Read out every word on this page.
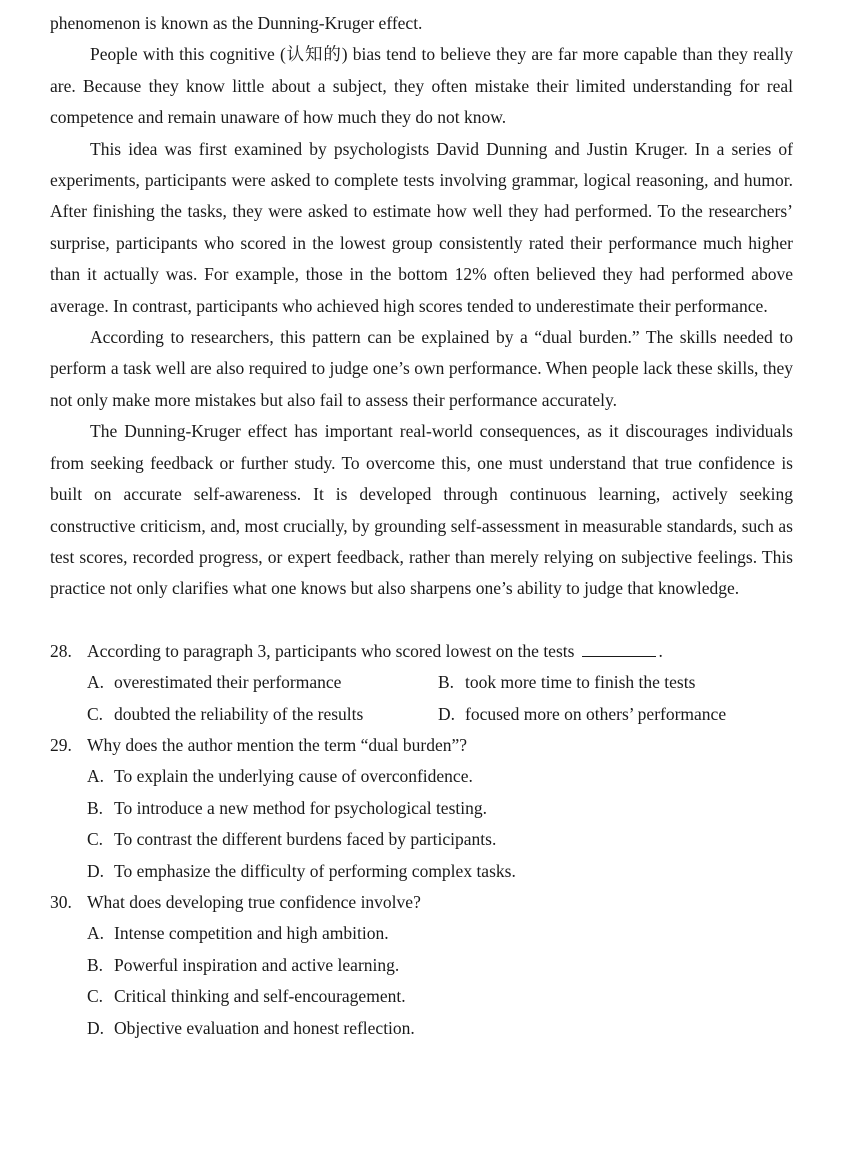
phenomenon is known as the Dunning-Kruger effect.

People with this cognitive (认知的) bias tend to believe they are far more capable than they really are. Because they know little about a subject, they often mistake their limited understanding for real competence and remain unaware of how much they do not know.

This idea was first examined by psychologists David Dunning and Justin Kruger. In a series of experiments, participants were asked to complete tests involving grammar, logical reasoning, and humor. After finishing the tasks, they were asked to estimate how well they had performed. To the researchers’ surprise, participants who scored in the lowest group consistently rated their performance much higher than it actually was. For example, those in the bottom 12% often believed they had performed above average. In contrast, participants who achieved high scores tended to underestimate their performance.

According to researchers, this pattern can be explained by a “dual burden.” The skills needed to perform a task well are also required to judge one’s own performance. When people lack these skills, they not only make more mistakes but also fail to assess their performance accurately.

The Dunning-Kruger effect has important real-world consequences, as it discourages individuals from seeking feedback or further study. To overcome this, one must understand that true confidence is built on accurate self-awareness. It is developed through continuous learning, actively seeking constructive criticism, and, most crucially, by grounding self-assessment in measurable standards, such as test scores, recorded progress, or expert feedback, rather than merely relying on subjective feelings. This practice not only clarifies what one knows but also sharpens one’s ability to judge that knowledge.

28. According to paragraph 3, participants who scored lowest on the tests	.
A. overestimated their performance	B. took more time to finish the tests
C. doubted the reliability of the results	D. focused more on others’ performance
29. Why does the author mention the term “dual burden”?
A. To explain the underlying cause of overconfidence.
B. To introduce a new method for psychological testing.
C. To contrast the different burdens faced by participants.
D. To emphasize the difficulty of performing complex tasks.
30. What does developing true confidence involve?
A. Intense competition and high ambition.
B. Powerful inspiration and active learning.
C. Critical thinking and self-encouragement.
D. Objective evaluation and honest reflection.
